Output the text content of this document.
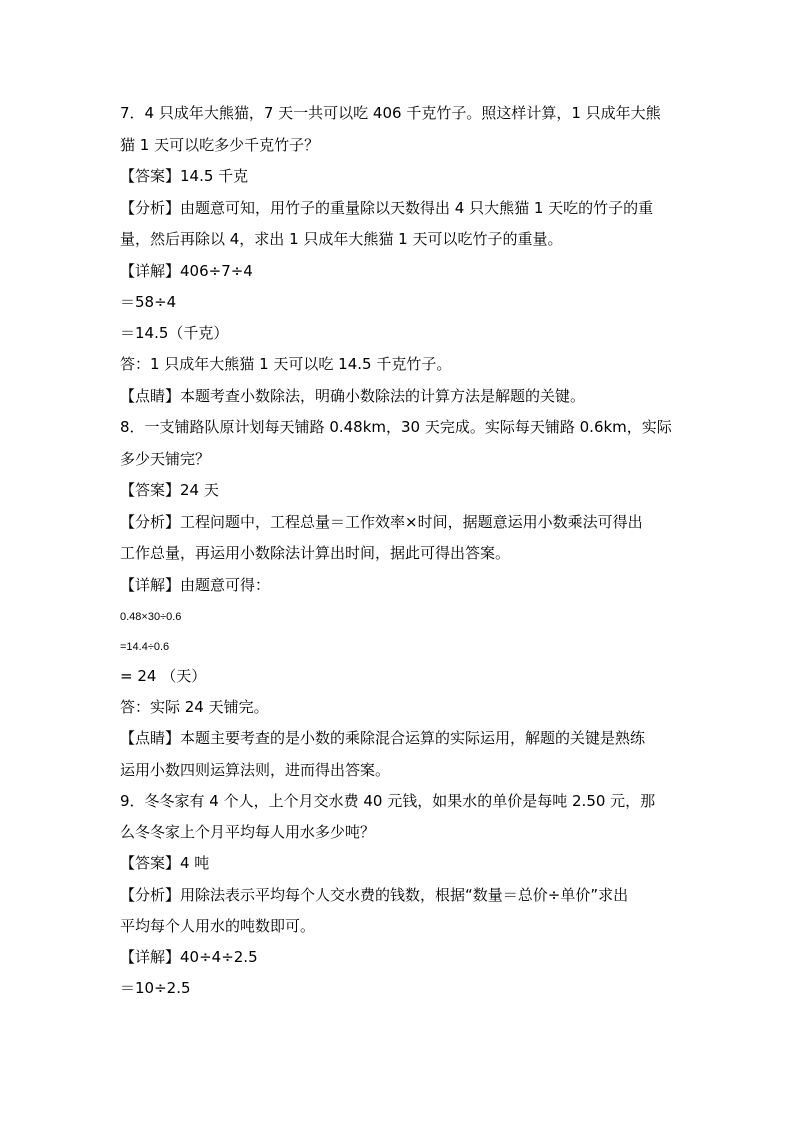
7．4 只成年大熊猫，7 天一共可以吃 406 千克竹子。照这样计算，1 只成年大熊
猫 1 天可以吃多少千克竹子？
【答案】14.5 千克
【分析】由题意可知，用竹子的重量除以天数得出 4 只大熊猫 1 天吃的竹子的重
量，然后再除以 4，求出 1 只成年大熊猫 1 天可以吃竹子的重量。
【详解】406÷7÷4
＝58÷4
＝14.5（千克）
答：1 只成年大熊猫 1 天可以吃 14.5 千克竹子。
【点睛】本题考查小数除法，明确小数除法的计算方法是解题的关键。
8．一支铺路队原计划每天铺路 0.48km，30 天完成。实际每天铺路 0.6km，实际
多少天铺完？
【答案】24 天
【分析】工程问题中，工程总量＝工作效率×时间，据题意运用小数乘法可得出
工作总量，再运用小数除法计算出时间，据此可得出答案。
【详解】由题意可得：
0.48×30÷0.6
=14.4÷0.6
= 24 （天）
答：实际 24 天铺完。
【点睛】本题主要考查的是小数的乘除混合运算的实际运用，解题的关键是熟练
运用小数四则运算法则，进而得出答案。
9．冬冬家有 4 个人，上个月交水费 40 元钱，如果水的单价是每吨 2.50 元，那
么冬冬家上个月平均每人用水多少吨？
【答案】4 吨
【分析】用除法表示平均每个人交水费的钱数，根据“数量＝总价÷单价”求出
平均每个人用水的吨数即可。
【详解】40÷4÷2.5
＝10÷2.5
